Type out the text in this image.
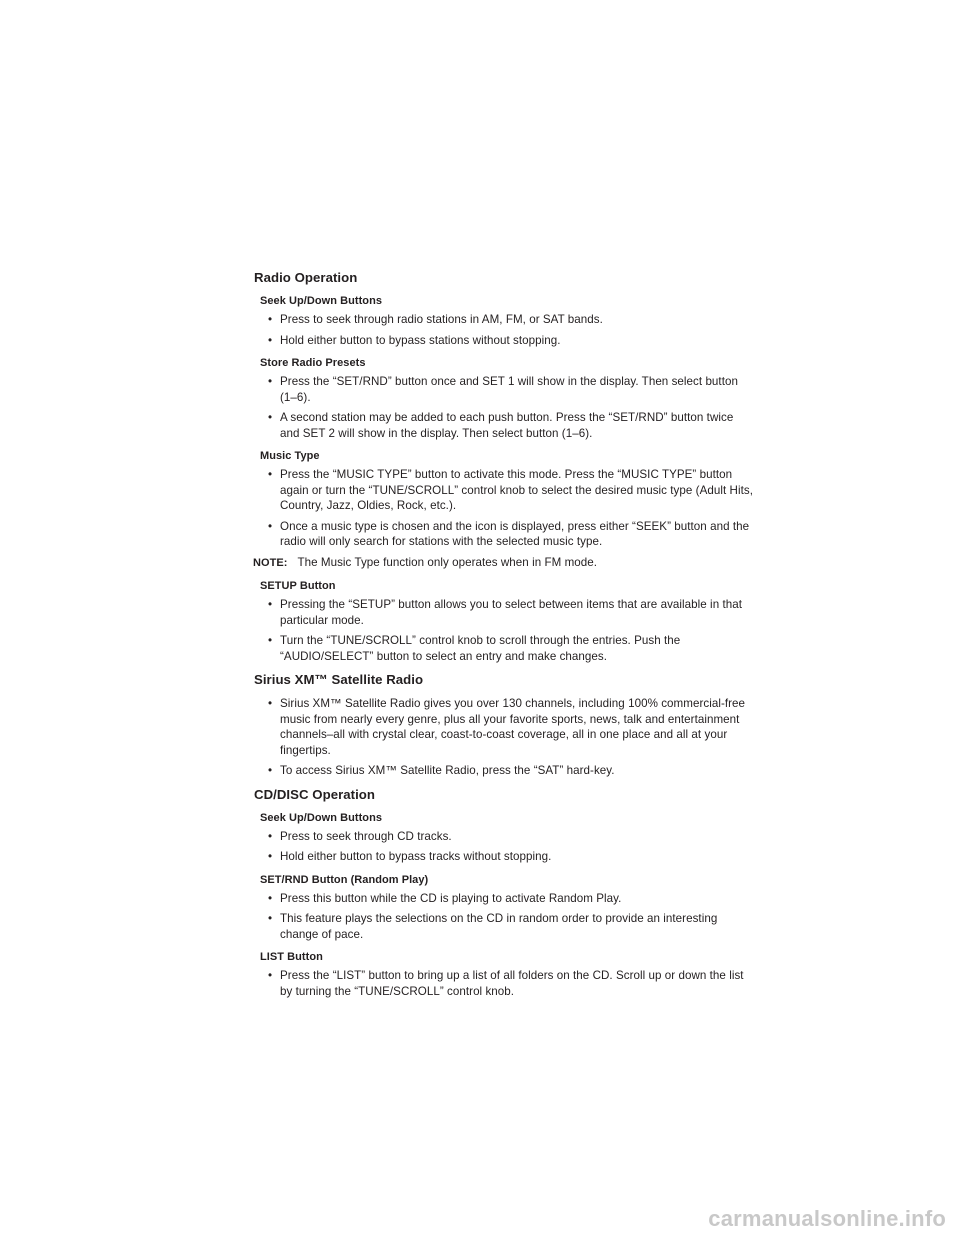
Radio Operation
Seek Up/Down Buttons
• Press to seek through radio stations in AM, FM, or SAT bands.
• Hold either button to bypass stations without stopping.
Store Radio Presets
• Press the “SET/RND” button once and SET 1 will show in the display. Then select button (1–6).
• A second station may be added to each push button. Press the “SET/RND” button twice and SET 2 will show in the display. Then select button (1–6).
Music Type
• Press the “MUSIC TYPE” button to activate this mode. Press the “MUSIC TYPE” button again or turn the “TUNE/SCROLL” control knob to select the desired music type (Adult Hits, Country, Jazz, Oldies, Rock, etc.).
• Once a music type is chosen and the icon is displayed, press either “SEEK” button and the radio will only search for stations with the selected music type.
NOTE: The Music Type function only operates when in FM mode.
SETUP Button
• Pressing the “SETUP” button allows you to select between items that are available in that particular mode.
• Turn the “TUNE/SCROLL” control knob to scroll through the entries. Push the “AUDIO/SELECT” button to select an entry and make changes.
Sirius XM™ Satellite Radio
• Sirius XM™ Satellite Radio gives you over 130 channels, including 100% commercial-free music from nearly every genre, plus all your favorite sports, news, talk and entertainment channels–all with crystal clear, coast-to-coast coverage, all in one place and all at your fingertips.
• To access Sirius XM™ Satellite Radio, press the “SAT” hard-key.
CD/DISC Operation
Seek Up/Down Buttons
• Press to seek through CD tracks.
• Hold either button to bypass tracks without stopping.
SET/RND Button (Random Play)
• Press this button while the CD is playing to activate Random Play.
• This feature plays the selections on the CD in random order to provide an interesting change of pace.
LIST Button
• Press the “LIST” button to bring up a list of all folders on the CD. Scroll up or down the list by turning the “TUNE/SCROLL” control knob.
carmanualsonline.info
